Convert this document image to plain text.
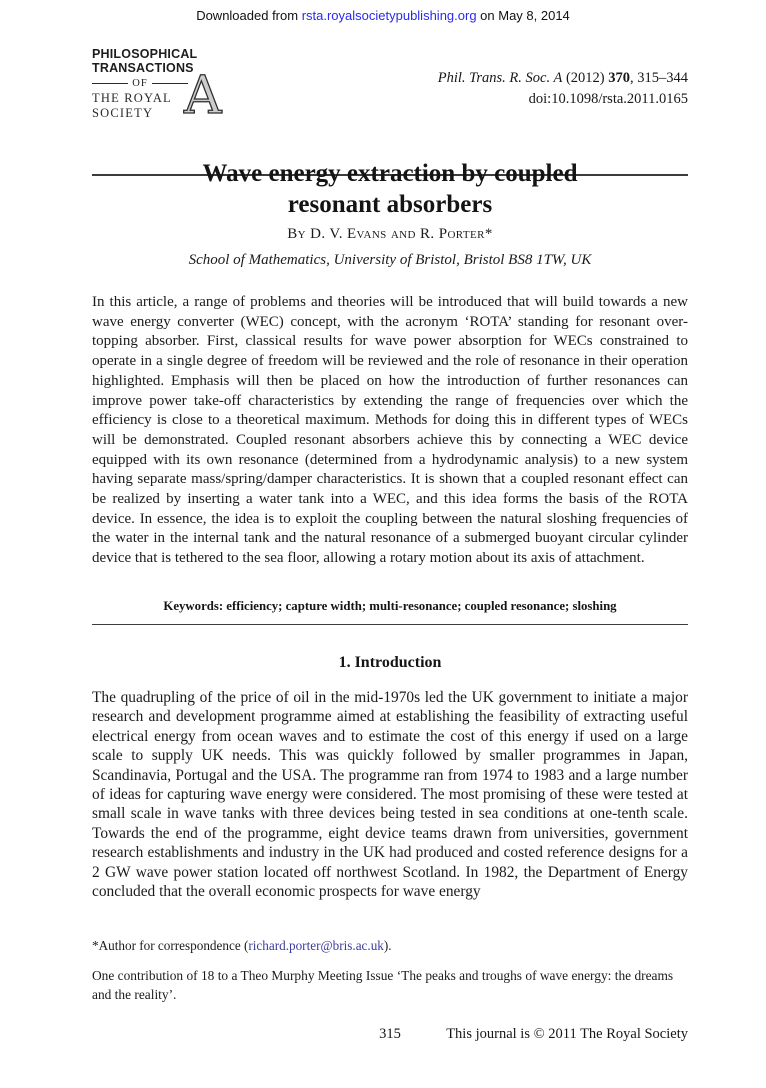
Downloaded from rsta.royalsocietypublishing.org on May 8, 2014
PHILOSOPHICAL
TRANSACTIONS
OF
THE ROYAL
SOCIETY A	Phil. Trans. R. Soc. A (2012) 370, 315–344
doi:10.1098/rsta.2011.0165
Wave energy extraction by coupled
resonant absorbers
By D. V. Evans and R. Porter*
School of Mathematics, University of Bristol, Bristol BS8 1TW, UK
In this article, a range of problems and theories will be introduced that will build towards a new wave energy converter (WEC) concept, with the acronym ‘ROTA’ standing for resonant over-topping absorber. First, classical results for wave power absorption for WECs constrained to operate in a single degree of freedom will be reviewed and the role of resonance in their operation highlighted. Emphasis will then be placed on how the introduction of further resonances can improve power take-off characteristics by extending the range of frequencies over which the efficiency is close to a theoretical maximum. Methods for doing this in different types of WECs will be demonstrated. Coupled resonant absorbers achieve this by connecting a WEC device equipped with its own resonance (determined from a hydrodynamic analysis) to a new system having separate mass/spring/damper characteristics. It is shown that a coupled resonant effect can be realized by inserting a water tank into a WEC, and this idea forms the basis of the ROTA device. In essence, the idea is to exploit the coupling between the natural sloshing frequencies of the water in the internal tank and the natural resonance of a submerged buoyant circular cylinder device that is tethered to the sea floor, allowing a rotary motion about its axis of attachment.
Keywords: efficiency; capture width; multi-resonance; coupled resonance; sloshing
1. Introduction
The quadrupling of the price of oil in the mid-1970s led the UK government to initiate a major research and development programme aimed at establishing the feasibility of extracting useful electrical energy from ocean waves and to estimate the cost of this energy if used on a large scale to supply UK needs. This was quickly followed by smaller programmes in Japan, Scandinavia, Portugal and the USA. The programme ran from 1974 to 1983 and a large number of ideas for capturing wave energy were considered. The most promising of these were tested at small scale in wave tanks with three devices being tested in sea conditions at one-tenth scale. Towards the end of the programme, eight device teams drawn from universities, government research establishments and industry in the UK had produced and costed reference designs for a 2 GW wave power station located off northwest Scotland. In 1982, the Department of Energy concluded that the overall economic prospects for wave energy
*Author for correspondence (richard.porter@bris.ac.uk).
One contribution of 18 to a Theo Murphy Meeting Issue ‘The peaks and troughs of wave energy: the dreams and the reality’.
315	This journal is © 2011 The Royal Society
